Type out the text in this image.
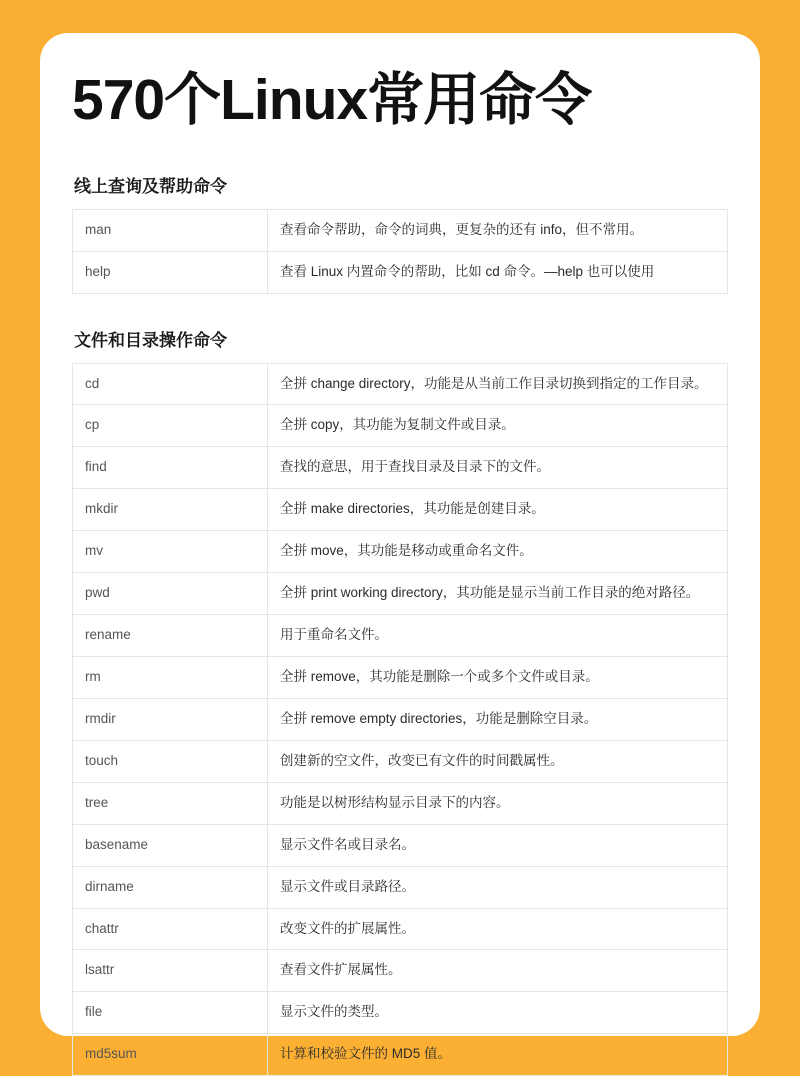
570个Linux常用命令
线上查询及帮助命令
man	查看命令帮助，命令的词典，更复杂的还有 info，但不常用。
help	查看 Linux 内置命令的帮助，比如 cd 命令。—help 也可以使用
文件和目录操作命令
cd	全拼 change directory，功能是从当前工作目录切换到指定的工作目录。
cp	全拼 copy，其功能为复制文件或目录。
find	查找的意思，用于查找目录及目录下的文件。
mkdir	全拼 make directories，其功能是创建目录。
mv	全拼 move，其功能是移动或重命名文件。
pwd	全拼 print working directory，其功能是显示当前工作目录的绝对路径。
rename	用于重命名文件。
rm	全拼 remove，其功能是删除一个或多个文件或目录。
rmdir	全拼 remove empty directories，功能是删除空目录。
touch	创建新的空文件，改变已有文件的时间戳属性。
tree	功能是以树形结构显示目录下的内容。
basename	显示文件名或目录名。
dirname	显示文件或目录路径。
chattr	改变文件的扩展属性。
lsattr	查看文件扩展属性。
file	显示文件的类型。
md5sum	计算和校验文件的 MD5 值。
